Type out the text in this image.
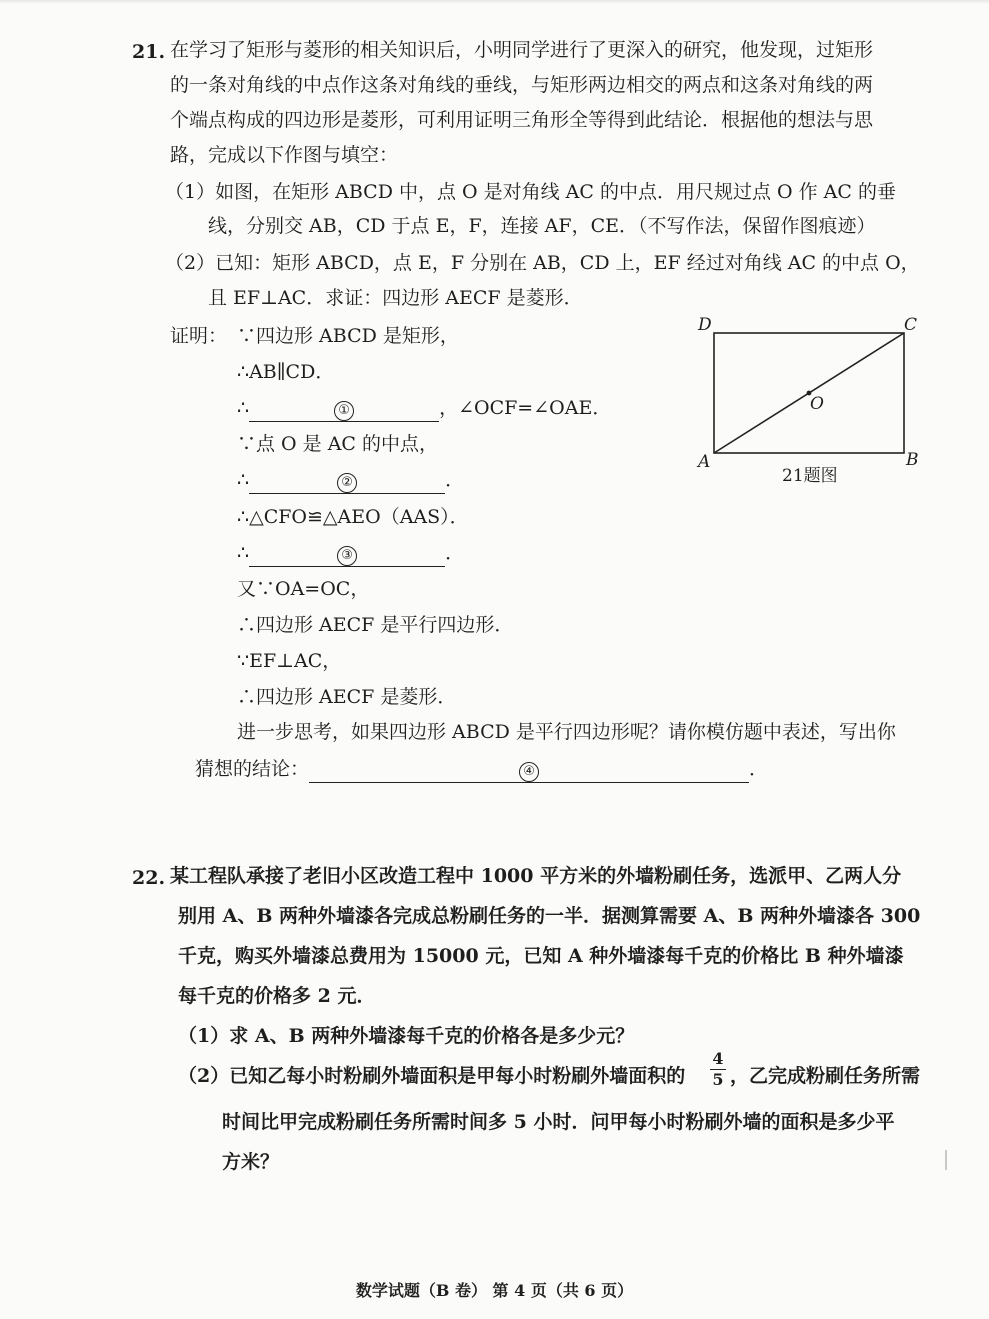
21. 在学习了矩形与菱形的相关知识后，小明同学进行了更深入的研究，他发现，过矩形
的一条对角线的中点作这条对角线的垂线，与矩形两边相交的两点和这条对角线的两
个端点构成的四边形是菱形，可利用证明三角形全等得到此结论．根据他的想法与思
路，完成以下作图与填空：
（1）如图，在矩形 ABCD 中，点 O 是对角线 AC 的中点．用尺规过点 O 作 AC 的垂
线，分别交 AB，CD 于点 E，F，连接 AF，CE．（不写作法，保留作图痕迹）
（2）已知：矩形 ABCD，点 E，F 分别在 AB，CD 上，EF 经过对角线 AC 的中点 O，
且 EF⊥AC．求证：四边形 AECF 是菱形．
证明： ∵四边形 ABCD 是矩形，
∴AB∥CD．
∴	①	，∠OCF=∠OAE．
∵点 O 是 AC 的中点，
∴	②	．
∴△CFO≌△AEO（AAS）．
∴	③	．
又∵OA=OC，
∴四边形 AECF 是平行四边形．
∵EF⊥AC，
∴四边形 AECF 是菱形．
进一步思考，如果四边形 ABCD 是平行四边形呢？请你模仿题中表述，写出你
猜想的结论：	④	．
D	C
A	B
O
21题图
22. 某工程队承接了老旧小区改造工程中 1000 平方米的外墙粉刷任务，选派甲、乙两人分
别用 A、B 两种外墙漆各完成总粉刷任务的一半．据测算需要 A、B 两种外墙漆各 300
千克，购买外墙漆总费用为 15000 元，已知 A 种外墙漆每千克的价格比 B 种外墙漆
每千克的价格多 2 元．
（1）求 A、B 两种外墙漆每千克的价格各是多少元？
（2）已知乙每小时粉刷外墙面积是甲每小时粉刷外墙面积的
4
5 ，乙完成粉刷任务所需
时间比甲完成粉刷任务所需时间多 5 小时．问甲每小时粉刷外墙的面积是多少平
方米？
数学试题（B 卷） 第 4 页（共 6 页）
